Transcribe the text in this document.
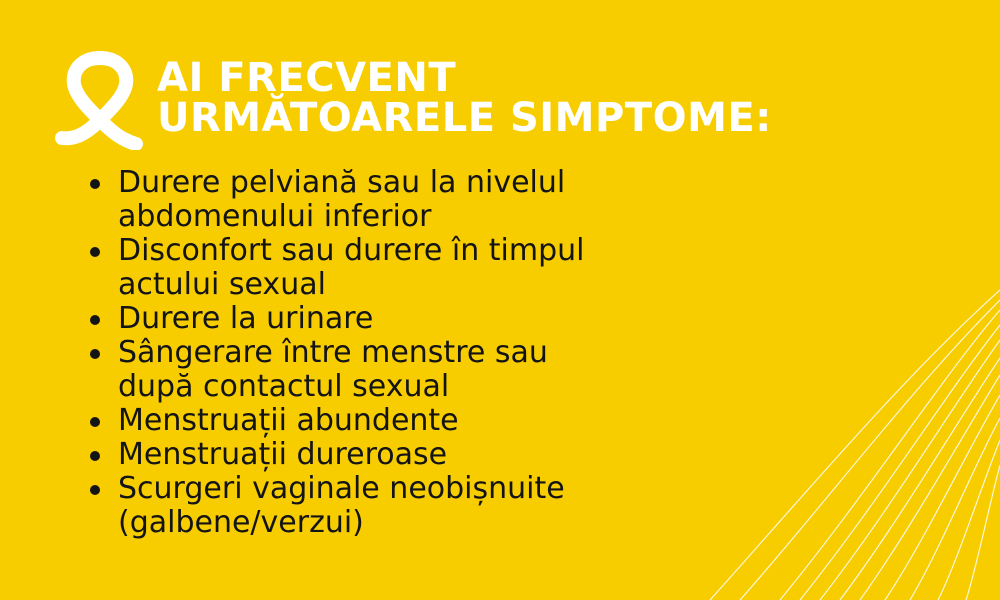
AI FRECVENT
URMĂTOARELE SIMPTOME:
Durere pelviană sau la nivelul
abdomenului inferior
Disconfort sau durere în timpul
actului sexual
Durere la urinare
Sângerare între menstre sau
după contactul sexual
Menstruații abundente
Menstruații dureroase
Scurgeri vaginale neobișnuite
(galbene/verzui)
